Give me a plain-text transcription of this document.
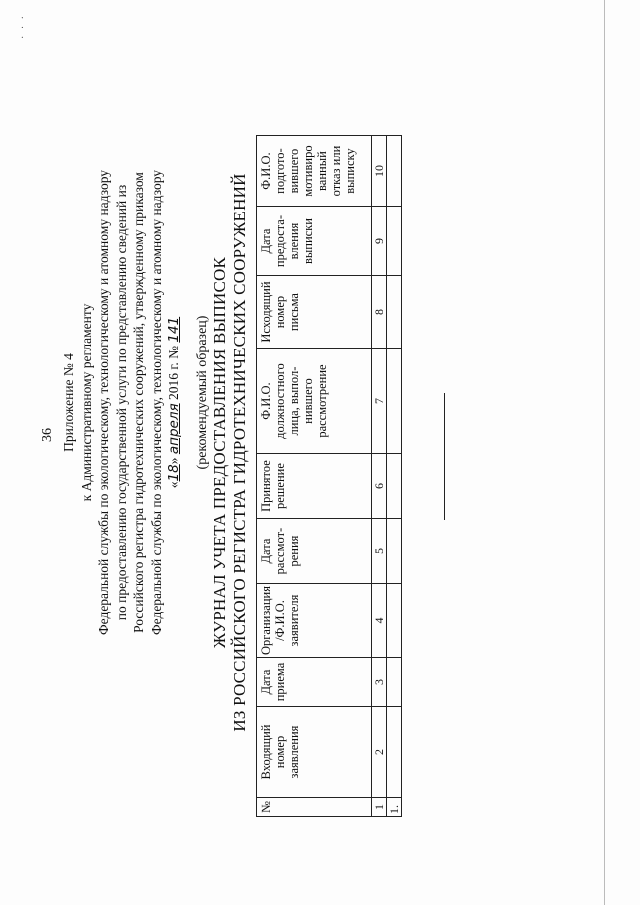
36 Приложение № 4 к Административному регламенту Федеральной службы по экологическому, технологическому и атомному надзору по предоставлению государственной услуги по представлению сведений из Российского регистра гидротехнических сооружений, утвержденному приказом Федеральной службы по экологическому, технологическому и атомному надзору «18» апреля 2016 г. № 141 (рекомендуемый образец) ЖУРНАЛ УЧЕТА ПРЕДОСТАВЛЕНИЯ ВЫПИСОК ИЗ РОССИЙСКОГО РЕГИСТРА ГИДРОТЕХНИЧЕСКИХ СООРУЖЕНИЙ
№	Входящий номер заявления	Дата приема	Организация /Ф.И.О. заявителя	Дата рассмот-рения	Принятое решение	Ф.И.О. должностного лица, выпол-нившего рассмотрение	Исходящий номер письма	Дата предоста-вления выписки	Ф.И.О. подгото-вившего мотивиро ванный отказ или выписку
1	2	3	4	5	6	7	8	9	10
1.									
· · ·
